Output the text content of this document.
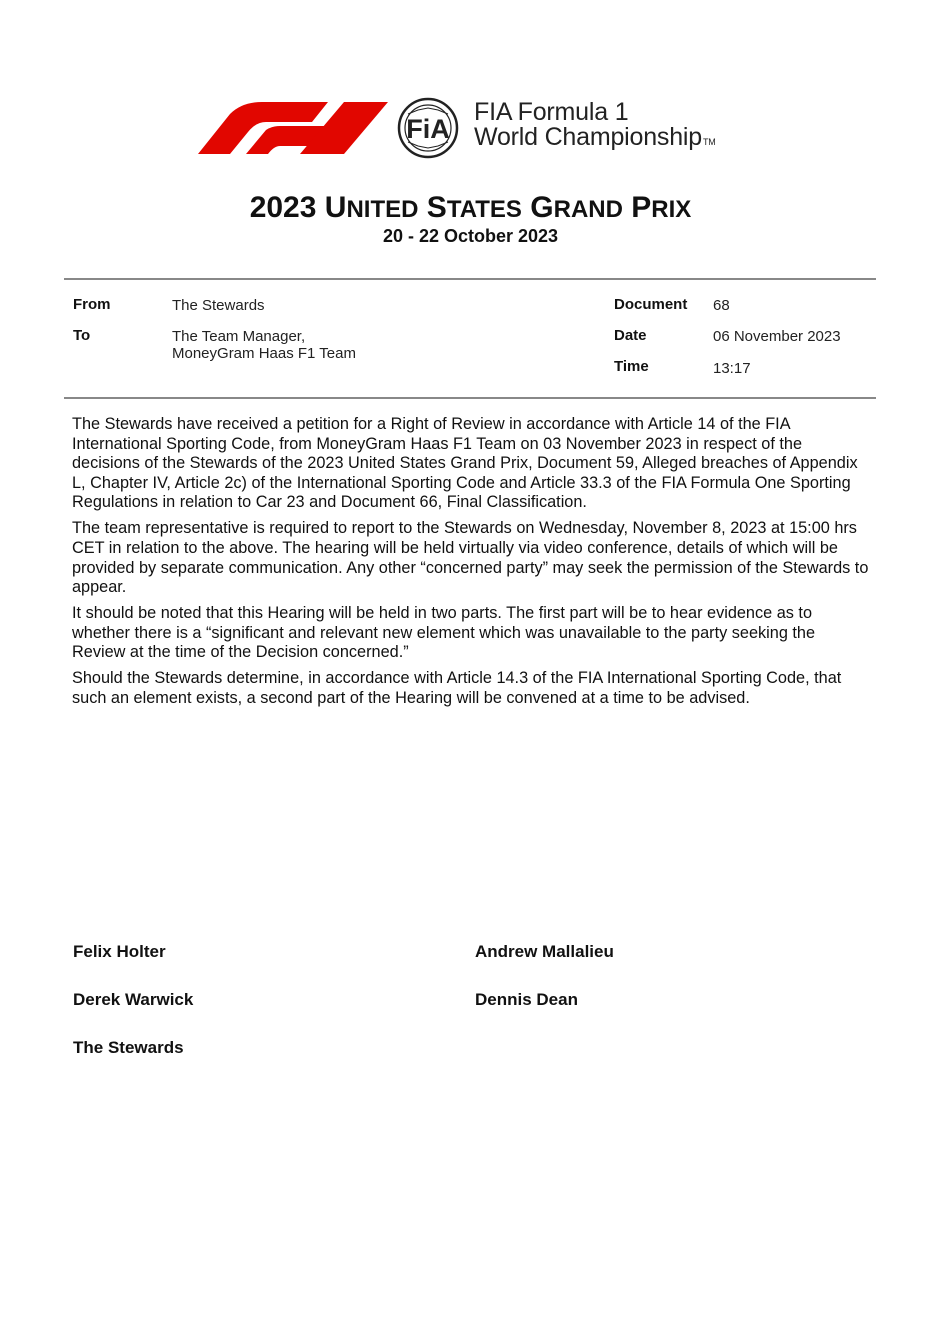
FiA
FIA Formula 1
World ChampionshipTM
2023 UNITED STATES GRAND PRIX
20 - 22 October 2023
From	The Stewards
To	The Team Manager,
MoneyGram Haas F1 Team
Document 68
Date	06 November 2023
Time	13:17

The Stewards have received a petition for a Right of Review in accordance with Article 14 of the FIA International Sporting Code, from MoneyGram Haas F1 Team on 03 November 2023 in respect of the decisions of the Stewards of the 2023 United States Grand Prix, Document 59, Alleged breaches of Appendix L, Chapter IV, Article 2c) of the International Sporting Code and Article 33.3 of the FIA Formula One Sporting Regulations in relation to Car 23 and Document 66, Final Classification.

The team representative is required to report to the Stewards on Wednesday, November 8, 2023 at 15:00 hrs CET in relation to the above. The hearing will be held virtually via video conference, details of which will be provided by separate communication. Any other “concerned party” may seek the permission of the Stewards to appear.

It should be noted that this Hearing will be held in two parts. The first part will be to hear evidence as to whether there is a “significant and relevant new element which was unavailable to the party seeking the Review at the time of the Decision concerned.”

Should the Stewards determine, in accordance with Article 14.3 of the FIA International Sporting Code, that such an element exists, a second part of the Hearing will be convened at a time to be advised.

Felix Holter	Andrew Mallalieu
Derek Warwick	Dennis Dean
The Stewards
